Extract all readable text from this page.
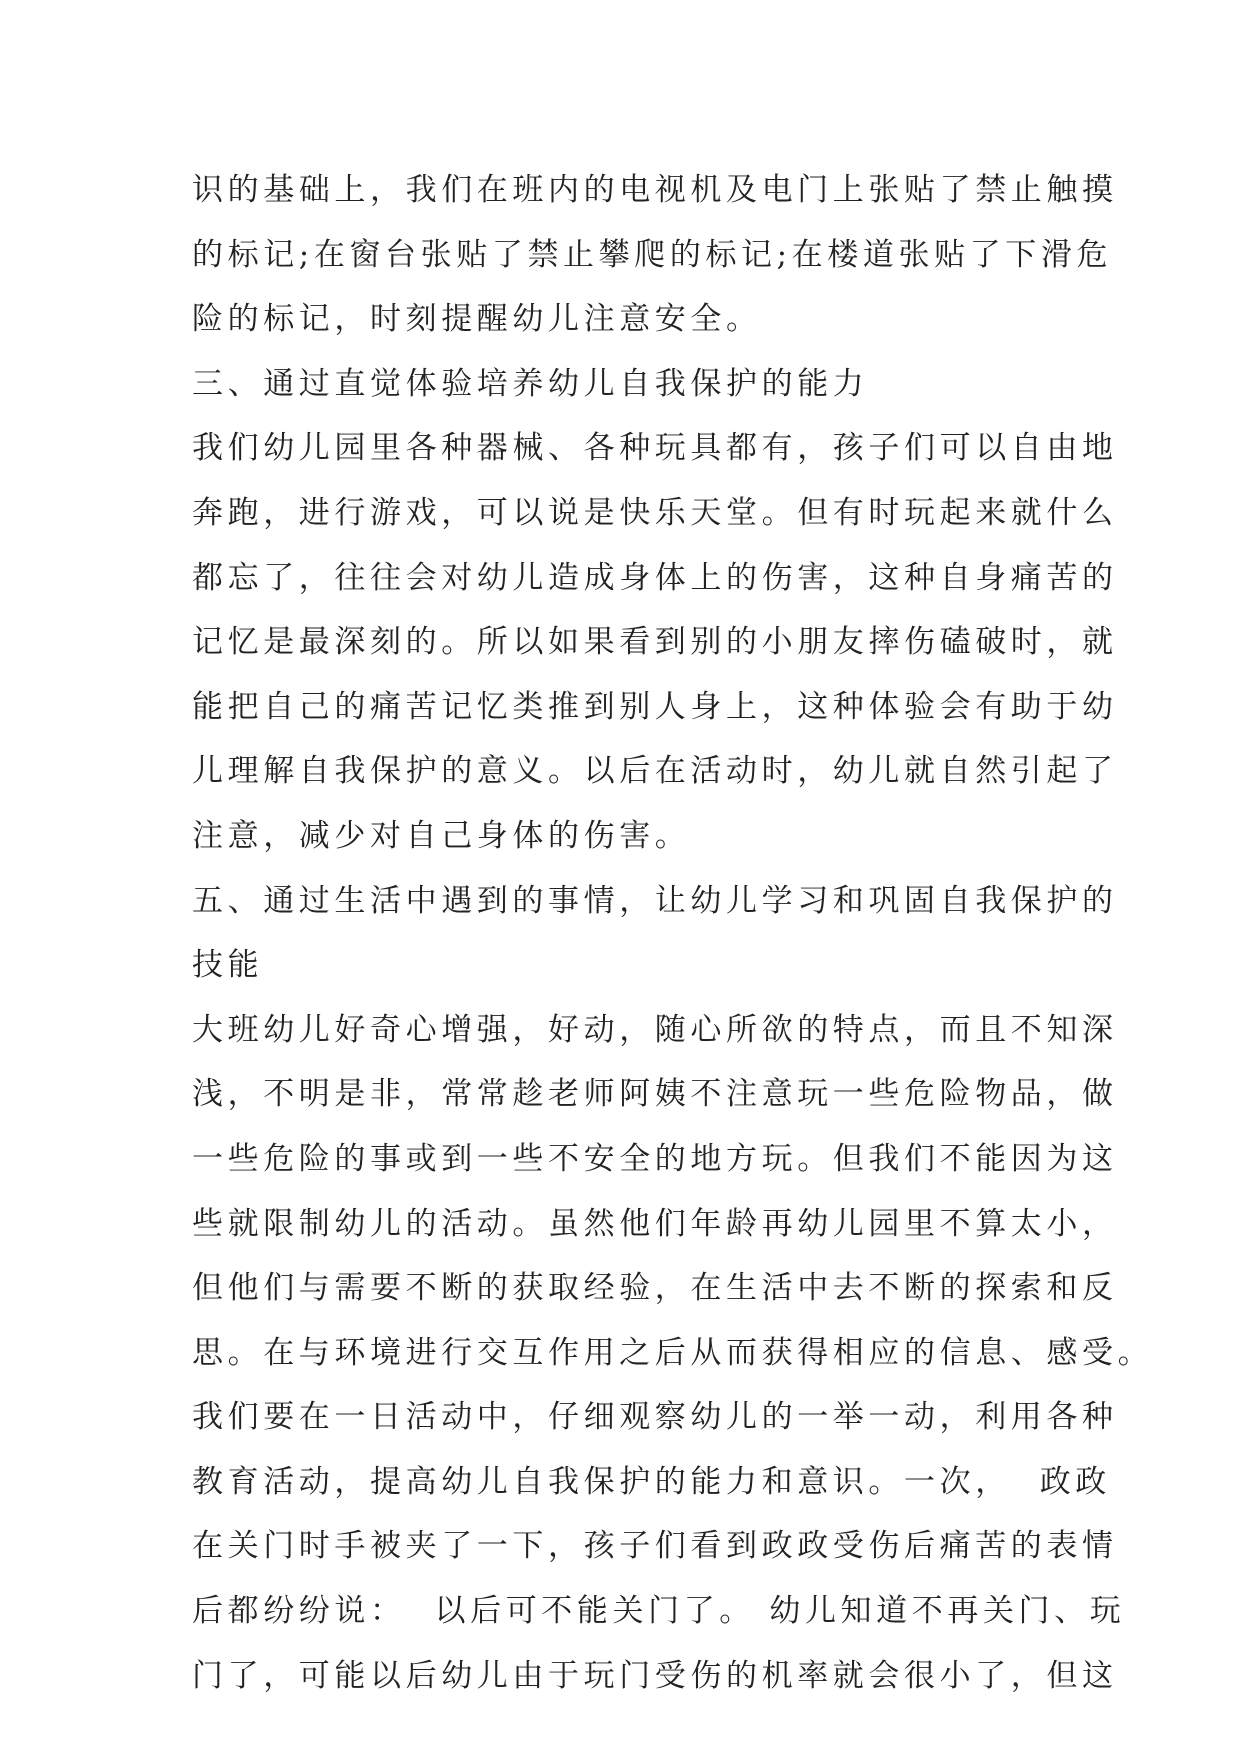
识的基础上，我们在班内的电视机及电门上张贴了禁止触摸
的标记;在窗台张贴了禁止攀爬的标记;在楼道张贴了下滑危
险的标记，时刻提醒幼儿注意安全。
三、通过直觉体验培养幼儿自我保护的能力
我们幼儿园里各种器械、各种玩具都有，孩子们可以自由地
奔跑，进行游戏，可以说是快乐天堂。但有时玩起来就什么
都忘了，往往会对幼儿造成身体上的伤害，这种自身痛苦的
记忆是最深刻的。所以如果看到别的小朋友摔伤磕破时，就
能把自己的痛苦记忆类推到别人身上，这种体验会有助于幼
儿理解自我保护的意义。以后在活动时，幼儿就自然引起了
注意，减少对自己身体的伤害。
五、通过生活中遇到的事情，让幼儿学习和巩固自我保护的
技能
大班幼儿好奇心增强，好动，随心所欲的特点，而且不知深
浅，不明是非，常常趁老师阿姨不注意玩一些危险物品，做
一些危险的事或到一些不安全的地方玩。但我们不能因为这
些就限制幼儿的活动。虽然他们年龄再幼儿园里不算太小，
但他们与需要不断的获取经验，在生活中去不断的探索和反
思。在与环境进行交互作用之后从而获得相应的信息、感受。
我们要在一日活动中，仔细观察幼儿的一举一动，利用各种
教育活动，提高幼儿自我保护的能力和意识。一次，  政政
在关门时手被夹了一下，孩子们看到政政受伤后痛苦的表情
后都纷纷说：  以后可不能关门了。 幼儿知道不再关门、玩
门了，可能以后幼儿由于玩门受伤的机率就会很小了，但这
